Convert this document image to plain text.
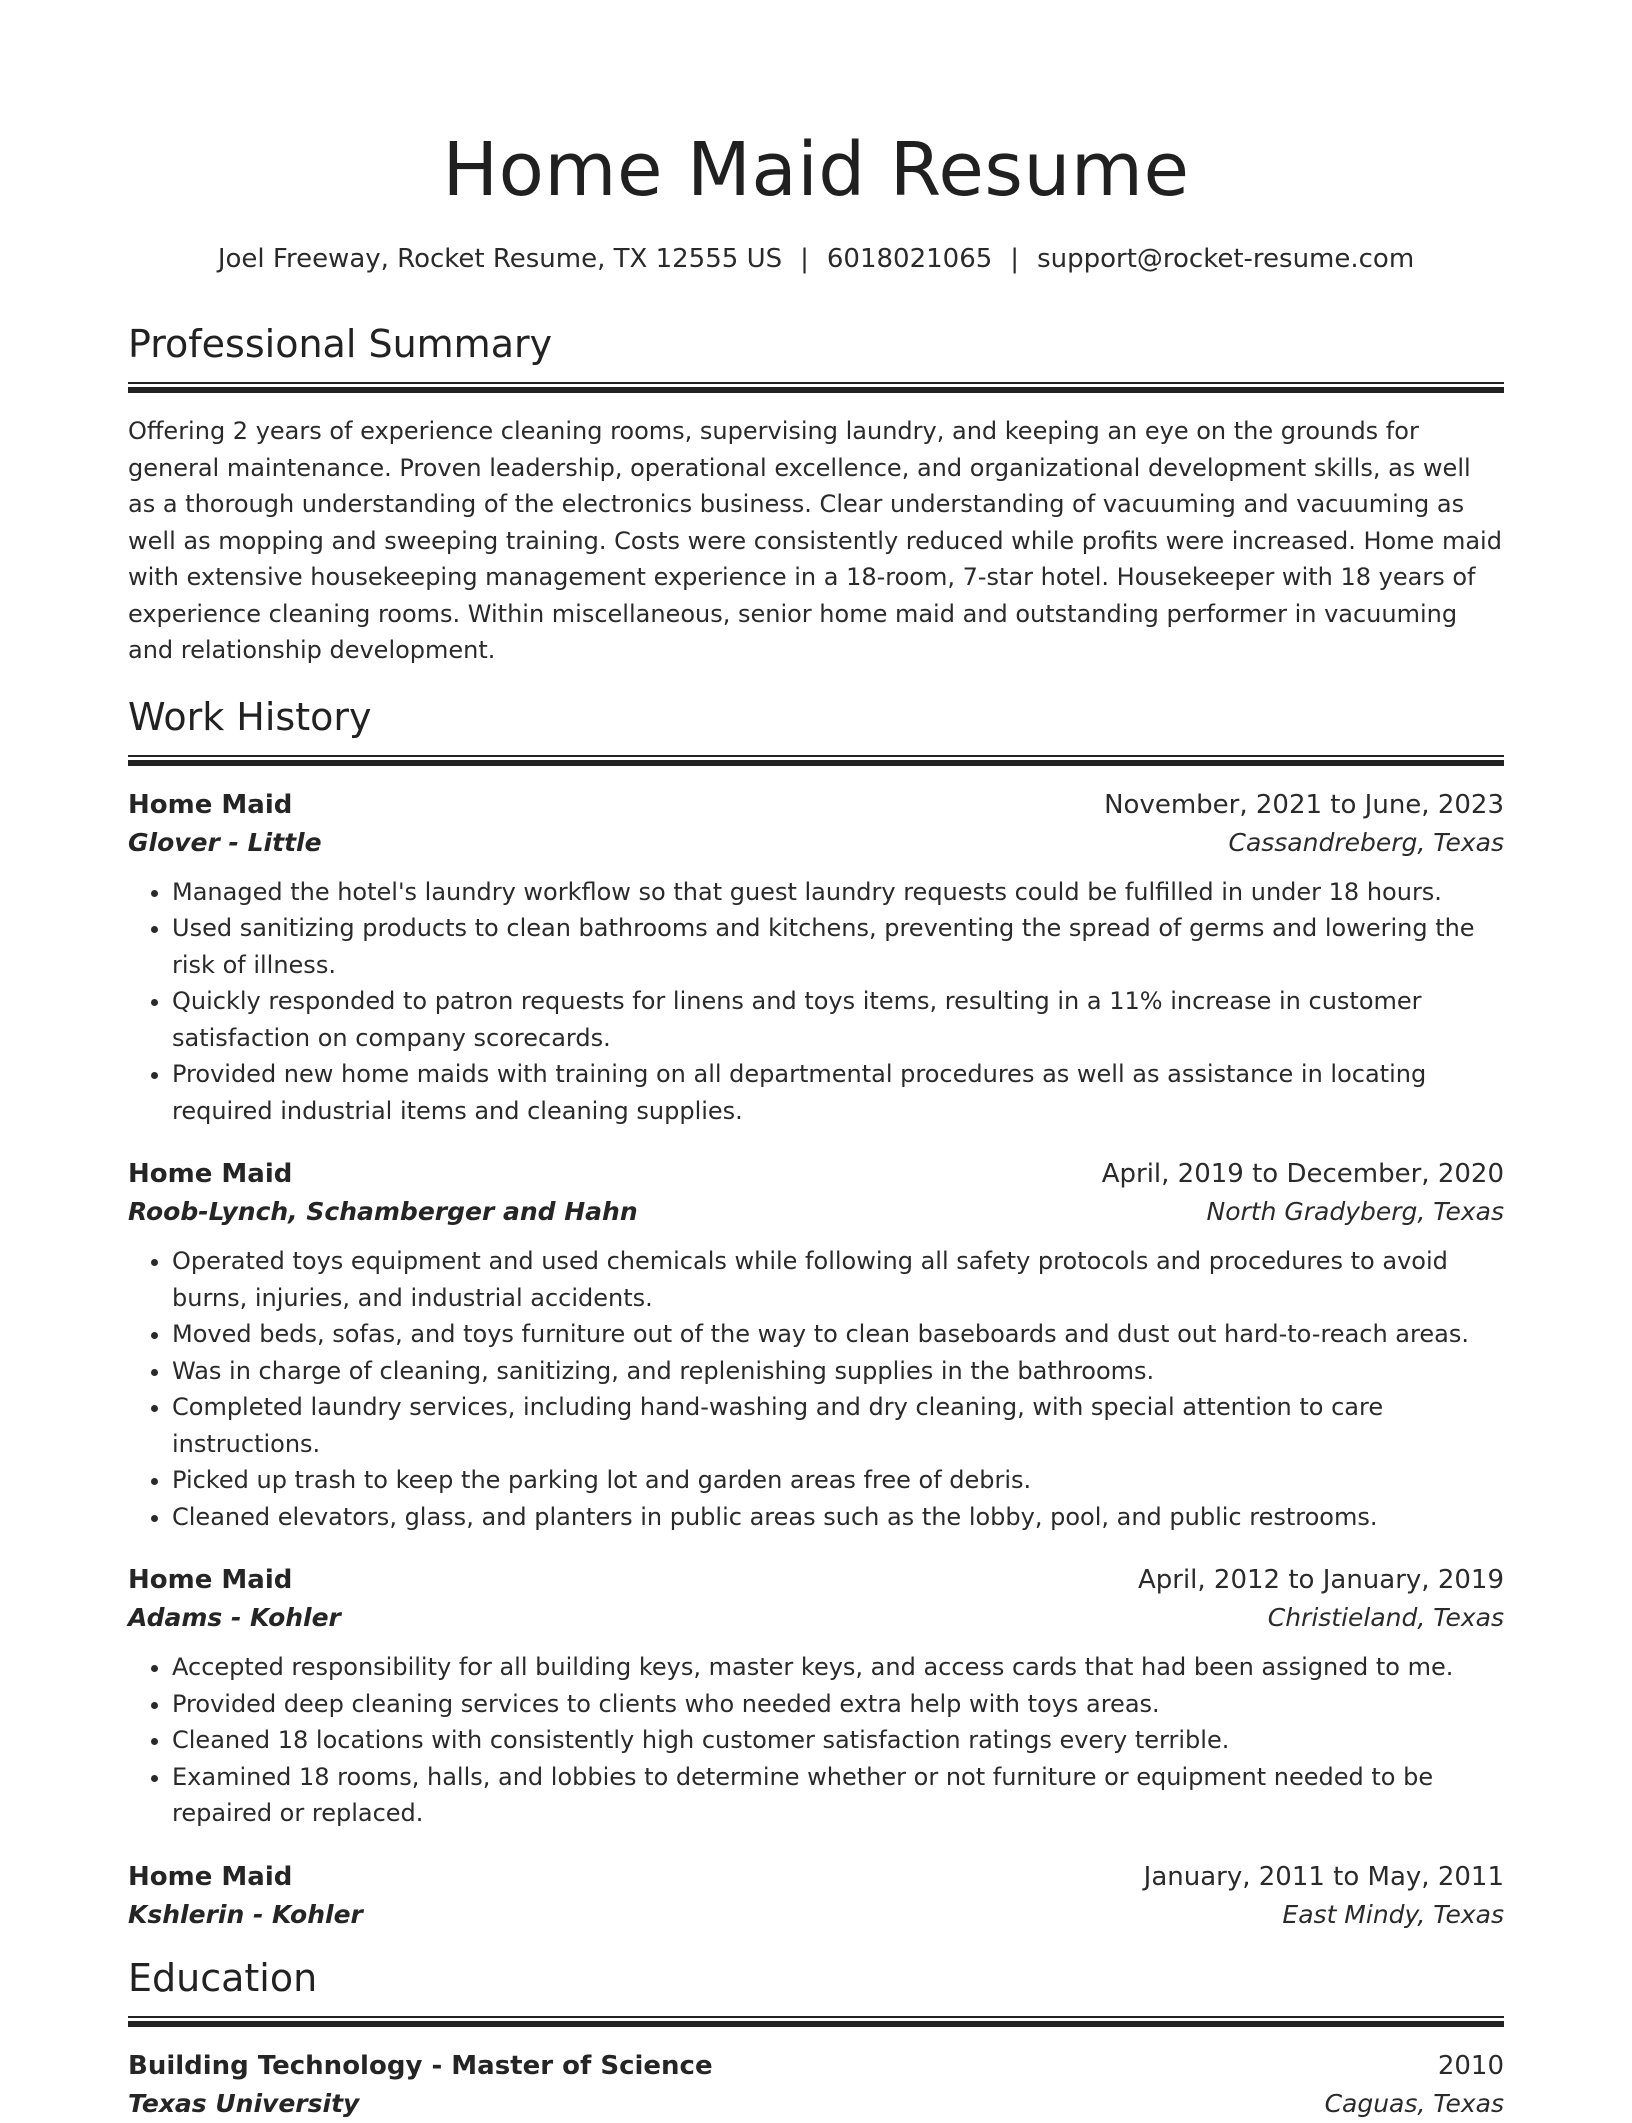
Home Maid Resume
Joel Freeway, Rocket Resume, TX 12555 US | 6018021065 | support@rocket-resume.com
Professional Summary

Offering 2 years of experience cleaning rooms, supervising laundry, and keeping an eye on the grounds for general maintenance. Proven leadership, operational excellence, and organizational development skills, as well as a thorough understanding of the electronics business. Clear understanding of vacuuming and vacuuming as well as mopping and sweeping training. Costs were consistently reduced while profits were increased. Home maid with extensive housekeeping management experience in a 18-room, 7-star hotel. Housekeeper with 18 years of experience cleaning rooms. Within miscellaneous, senior home maid and outstanding performer in vacuuming and relationship development.

Work History
Home Maid	November, 2021 to June, 2023
Glover - Little	Cassandreberg, Texas
• Managed the hotel's laundry workflow so that guest laundry requests could be fulfilled in under 18 hours.
• Used sanitizing products to clean bathrooms and kitchens, preventing the spread of germs and lowering the risk of illness.
• Quickly responded to patron requests for linens and toys items, resulting in a 11% increase in customer satisfaction on company scorecards.
• Provided new home maids with training on all departmental procedures as well as assistance in locating required industrial items and cleaning supplies.
Home Maid	April, 2019 to December, 2020
Roob-Lynch, Schamberger and Hahn	North Gradyberg, Texas
• Operated toys equipment and used chemicals while following all safety protocols and procedures to avoid burns, injuries, and industrial accidents.
• Moved beds, sofas, and toys furniture out of the way to clean baseboards and dust out hard-to-reach areas.
• Was in charge of cleaning, sanitizing, and replenishing supplies in the bathrooms.
• Completed laundry services, including hand-washing and dry cleaning, with special attention to care instructions.
• Picked up trash to keep the parking lot and garden areas free of debris.
• Cleaned elevators, glass, and planters in public areas such as the lobby, pool, and public restrooms.
Home Maid	April, 2012 to January, 2019
Adams - Kohler	Christieland, Texas
• Accepted responsibility for all building keys, master keys, and access cards that had been assigned to me.
• Provided deep cleaning services to clients who needed extra help with toys areas.
• Cleaned 18 locations with consistently high customer satisfaction ratings every terrible.
• Examined 18 rooms, halls, and lobbies to determine whether or not furniture or equipment needed to be repaired or replaced.
Home Maid	January, 2011 to May, 2011
Kshlerin - Kohler	East Mindy, Texas
Education
Building Technology - Master of Science	2010
Texas University	Caguas, Texas
